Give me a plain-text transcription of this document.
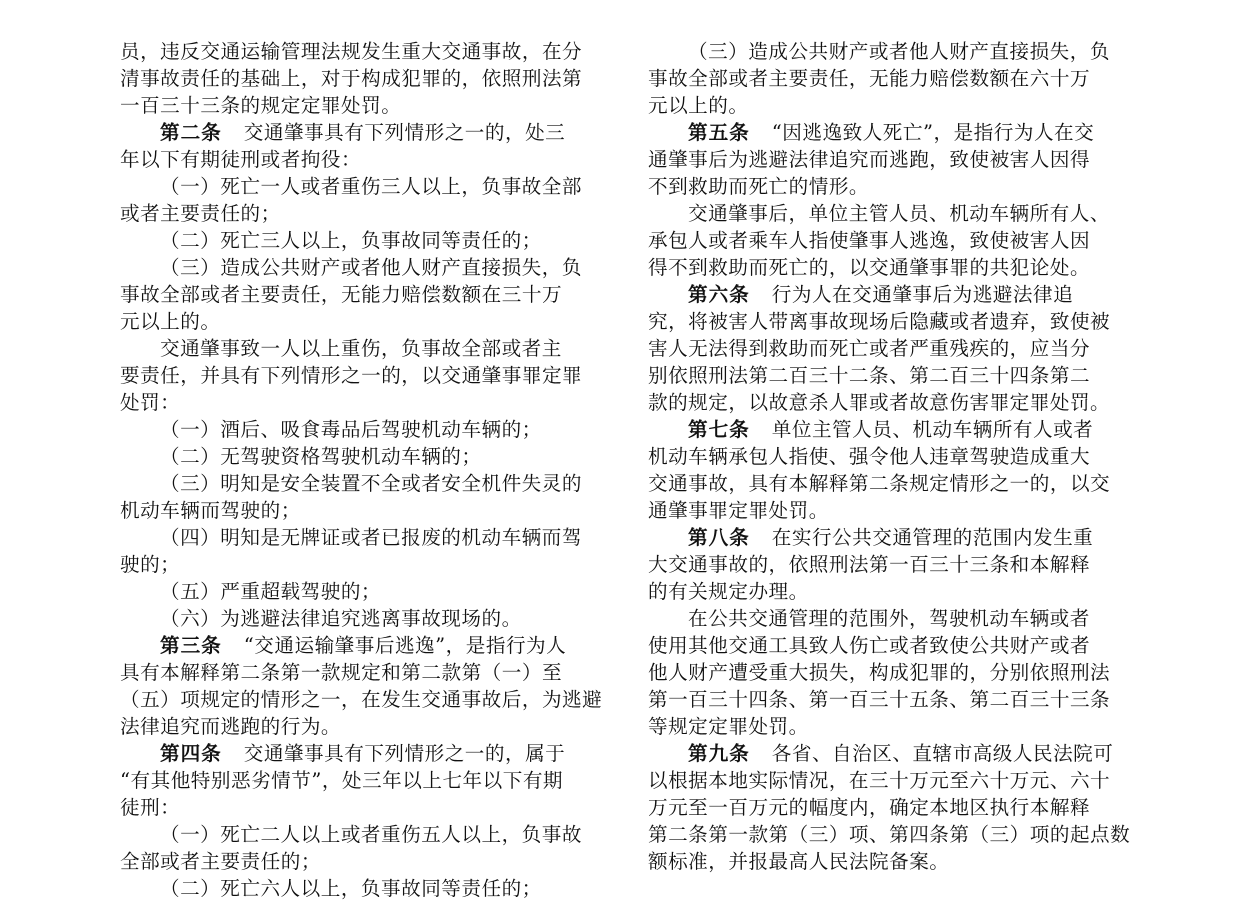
员，违反交通运输管理法规发生重大交通事故，在分
清事故责任的基础上，对于构成犯罪的，依照刑法第
一百三十三条的规定定罪处罚。
第二条 交通肇事具有下列情形之一的，处三
年以下有期徒刑或者拘役：
（一）死亡一人或者重伤三人以上，负事故全部
或者主要责任的；
（二）死亡三人以上，负事故同等责任的；
（三）造成公共财产或者他人财产直接损失，负
事故全部或者主要责任，无能力赔偿数额在三十万
元以上的。
交通肇事致一人以上重伤，负事故全部或者主
要责任，并具有下列情形之一的，以交通肇事罪定罪
处罚：
（一）酒后、吸食毒品后驾驶机动车辆的；
（二）无驾驶资格驾驶机动车辆的；
（三）明知是安全装置不全或者安全机件失灵的
机动车辆而驾驶的；
（四）明知是无牌证或者已报废的机动车辆而驾
驶的；
（五）严重超载驾驶的；
（六）为逃避法律追究逃离事故现场的。
第三条 “交通运输肇事后逃逸”，是指行为人
具有本解释第二条第一款规定和第二款第（一）至
（五）项规定的情形之一，在发生交通事故后，为逃避
法律追究而逃跑的行为。
第四条 交通肇事具有下列情形之一的，属于
“有其他特别恶劣情节”，处三年以上七年以下有期
徒刑：
（一）死亡二人以上或者重伤五人以上，负事故
全部或者主要责任的；
（二）死亡六人以上，负事故同等责任的；
（三）造成公共财产或者他人财产直接损失，负
事故全部或者主要责任，无能力赔偿数额在六十万
元以上的。
第五条 “因逃逸致人死亡”，是指行为人在交
通肇事后为逃避法律追究而逃跑，致使被害人因得
不到救助而死亡的情形。
交通肇事后，单位主管人员、机动车辆所有人、
承包人或者乘车人指使肇事人逃逸，致使被害人因
得不到救助而死亡的，以交通肇事罪的共犯论处。
第六条 行为人在交通肇事后为逃避法律追
究，将被害人带离事故现场后隐藏或者遗弃，致使被
害人无法得到救助而死亡或者严重残疾的，应当分
别依照刑法第二百三十二条、第二百三十四条第二
款的规定，以故意杀人罪或者故意伤害罪定罪处罚。
第七条 单位主管人员、机动车辆所有人或者
机动车辆承包人指使、强令他人违章驾驶造成重大
交通事故，具有本解释第二条规定情形之一的，以交
通肇事罪定罪处罚。
第八条 在实行公共交通管理的范围内发生重
大交通事故的，依照刑法第一百三十三条和本解释
的有关规定办理。
在公共交通管理的范围外，驾驶机动车辆或者
使用其他交通工具致人伤亡或者致使公共财产或者
他人财产遭受重大损失，构成犯罪的，分别依照刑法
第一百三十四条、第一百三十五条、第二百三十三条
等规定定罪处罚。
第九条 各省、自治区、直辖市高级人民法院可
以根据本地实际情况，在三十万元至六十万元、六十
万元至一百万元的幅度内，确定本地区执行本解释
第二条第一款第（三）项、第四条第（三）项的起点数
额标准，并报最高人民法院备案。
